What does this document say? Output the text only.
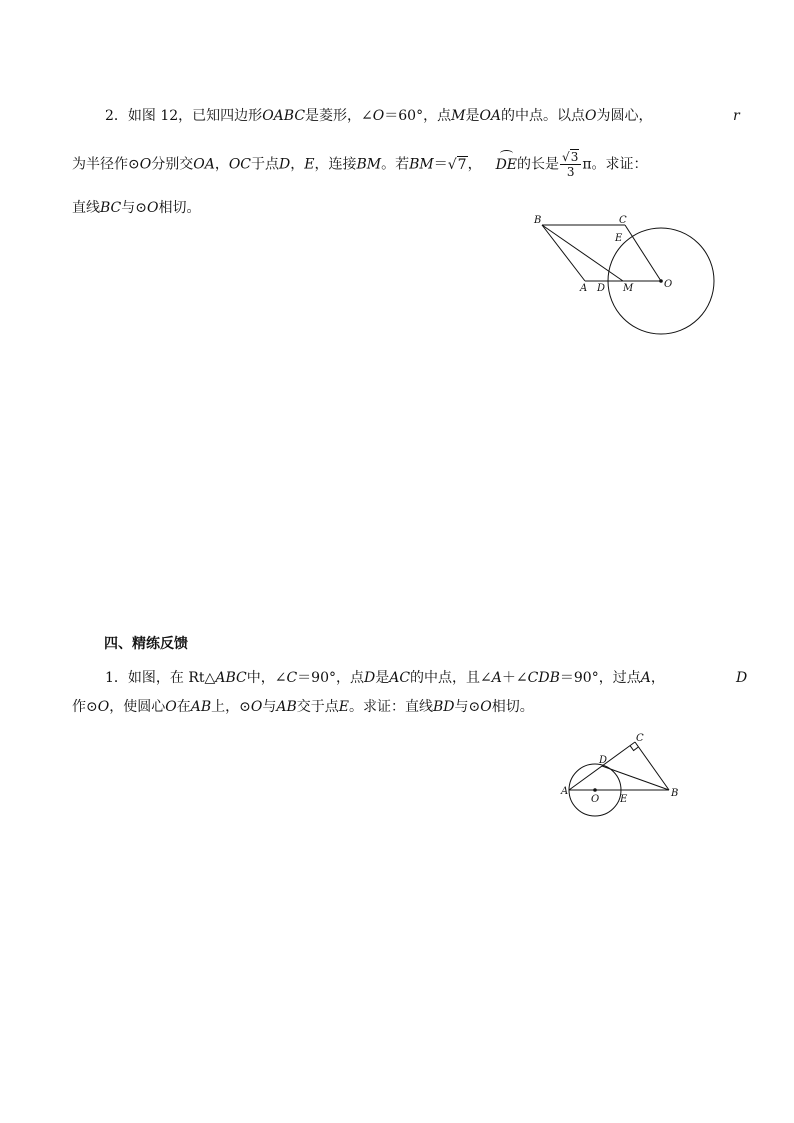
2．如图 12，已知四边形OABC是菱形，∠O＝60°，点M是OA的中点。以点O为圆心，	r
为半径作⊙O分别交OA，OC于点D，E，连接BM。若BM＝√7， DE的长是 $\frac{√3}{3}$ π。求证：
直线BC与⊙O相切。
B	C
E
A D M	O
四、精练反馈
1．如图，在 Rt△ABC中，∠C＝90°，点D是AC的中点，且∠A＋∠CDB＝90°，过点A，	D
作⊙O，使圆心O在AB上，⊙O与AB交于点E。求证：直线BD与⊙O相切。
C
D
A
O E
B
